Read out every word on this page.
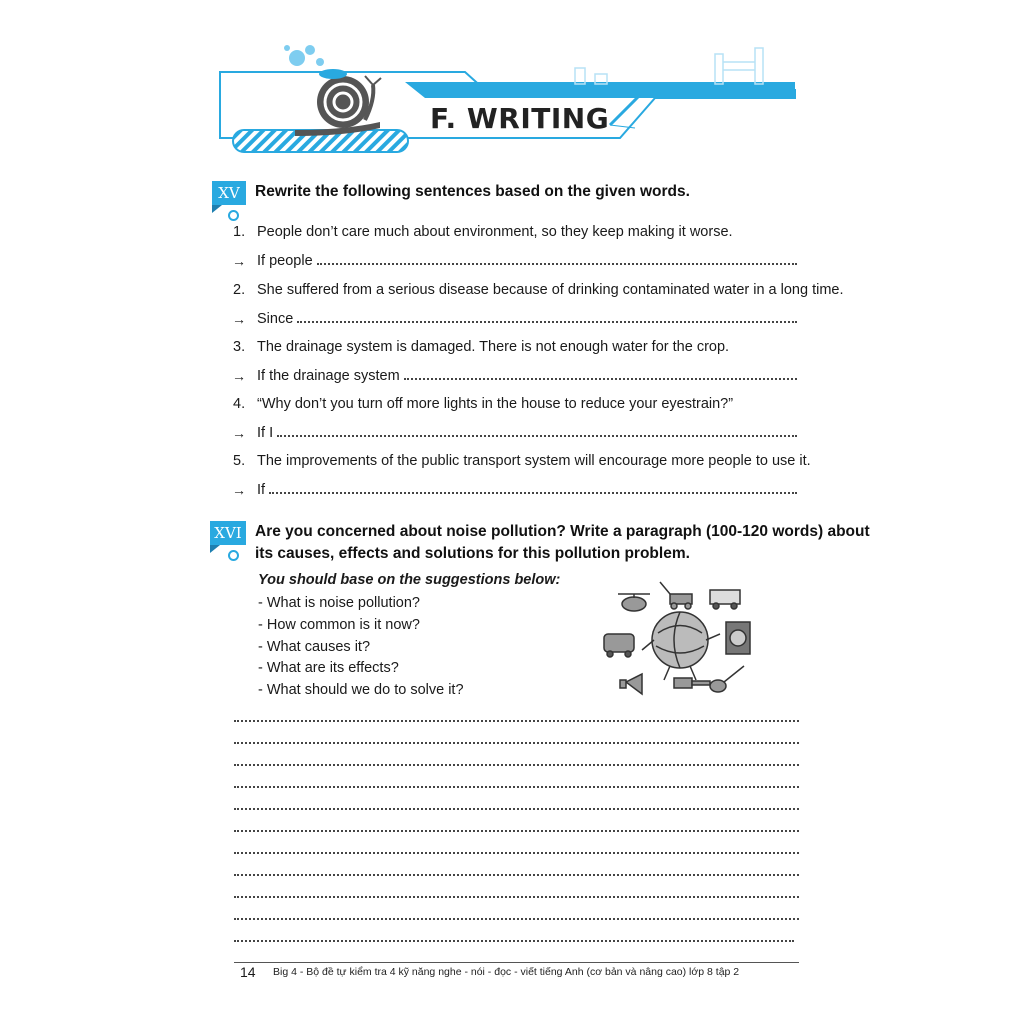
F. WRITING
XV Rewrite the following sentences based on the given words.
1. People don’t care much about environment, so they keep making it worse.
→ If people
2. She suffered from a serious disease because of drinking contaminated water in a long time.
→ Since
3. The drainage system is damaged. There is not enough water for the crop.
→ If the drainage system
4. “Why don’t you turn off more lights in the house to reduce your eyestrain?”
→ If I
5. The improvements of the public transport system will encourage more people to use it.
→ If
XVI Are you concerned about noise pollution? Write a paragraph (100-120 words) about
its causes, effects and solutions for this pollution problem.
You should base on the suggestions below:
- What is noise pollution?
- How common is it now?
- What causes it?
- What are its effects?
- What should we do to solve it?
14 Big 4 - Bộ đề tự kiểm tra 4 kỹ năng nghe - nói - đọc - viết tiếng Anh (cơ bản và nâng cao) lớp 8 tập 2
